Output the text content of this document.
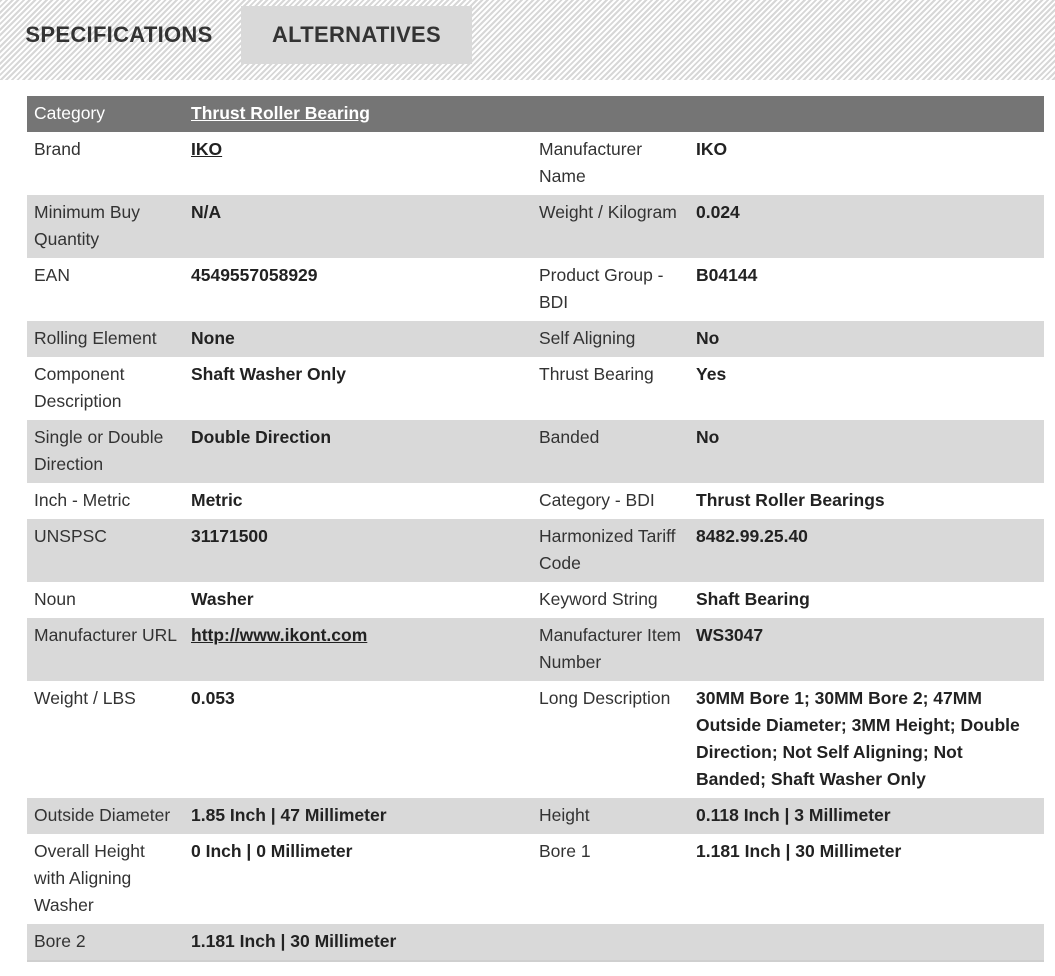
SPECIFICATIONS	ALTERNATIVES
Category	Thrust Roller Bearing		
Brand	IKO	Manufacturer Name	IKO
Minimum Buy Quantity	N/A	Weight / Kilogram	0.024
EAN	4549557058929	Product Group - BDI	B04144
Rolling Element	None	Self Aligning	No
Component Description	Shaft Washer Only	Thrust Bearing	Yes
Single or Double Direction	Double Direction	Banded	No
Inch - Metric	Metric	Category - BDI	Thrust Roller Bearings
UNSPSC	31171500	Harmonized Tariff Code	8482.99.25.40
Noun	Washer	Keyword String	Shaft Bearing
Manufacturer URL	http://www.ikont.com	Manufacturer Item Number	WS3047
Weight / LBS	0.053	Long Description	30MM Bore 1; 30MM Bore 2; 47MM Outside Diameter; 3MM Height; Double Direction; Not Self Aligning; Not Banded; Shaft Washer Only
Outside Diameter	1.85 Inch | 47 Millimeter	Height	0.118 Inch | 3 Millimeter
Overall Height with Aligning Washer	0 Inch | 0 Millimeter	Bore 1	1.181 Inch | 30 Millimeter
Bore 2	1.181 Inch | 30 Millimeter		
